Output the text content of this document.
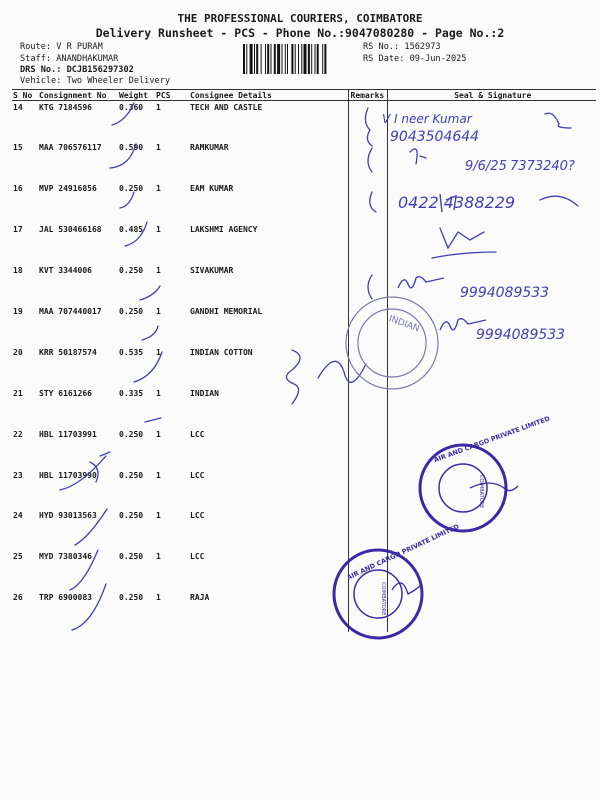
THE PROFESSIONAL COURIERS, COIMBATORE
Delivery Runsheet - PCS - Phone No.:9047080280 - Page No.:2
Route: V R PURAM
Staff: ANANDHAKUMAR
DRS No.: DCJB156297302
RS No.: 1562973
RS Date: 09-Jun-2025
Vehicle: Two Wheeler Delivery
S No	Consignment No	Weight	PCS	Consignee Details	Remarks	Seal & Signature
14	KTG 7184596	0.360	1	TECH AND CASTLE		
15	MAA 706576117	0.590	1	RAMKUMAR		
16	MVP 24916856	0.250	1	EAM KUMAR		
17	JAL 530466168	0.485	1	LAKSHMI AGENCY		
18	KVT 3344006	0.250	1	SIVAKUMAR		
19	MAA 707440017	0.250	1	GANDHI MEMORIAL		
20	KRR 50187574	0.535	1	INDIAN COTTON		
21	STY 6161266	0.335	1	INDIAN		
22	HBL 11703991	0.250	1	LCC		
23	HBL 11703990	0.250	1	LCC		
24	HYD 93013563	0.250	1	LCC		
25	MYD 7380346	0.250	1	LCC		
26	TRP 6900083	0.250	1	RAJA		
V I neer Kumar
9043504644
9/6/25 7373240?
0422 4388229
9994089533
9994089533
INDIAN
AIR AND CARGO PRIVATE LIMITED
COIMBATORE
AIR AND CARGO PRIVATE LIMITED
COIMBATORE
